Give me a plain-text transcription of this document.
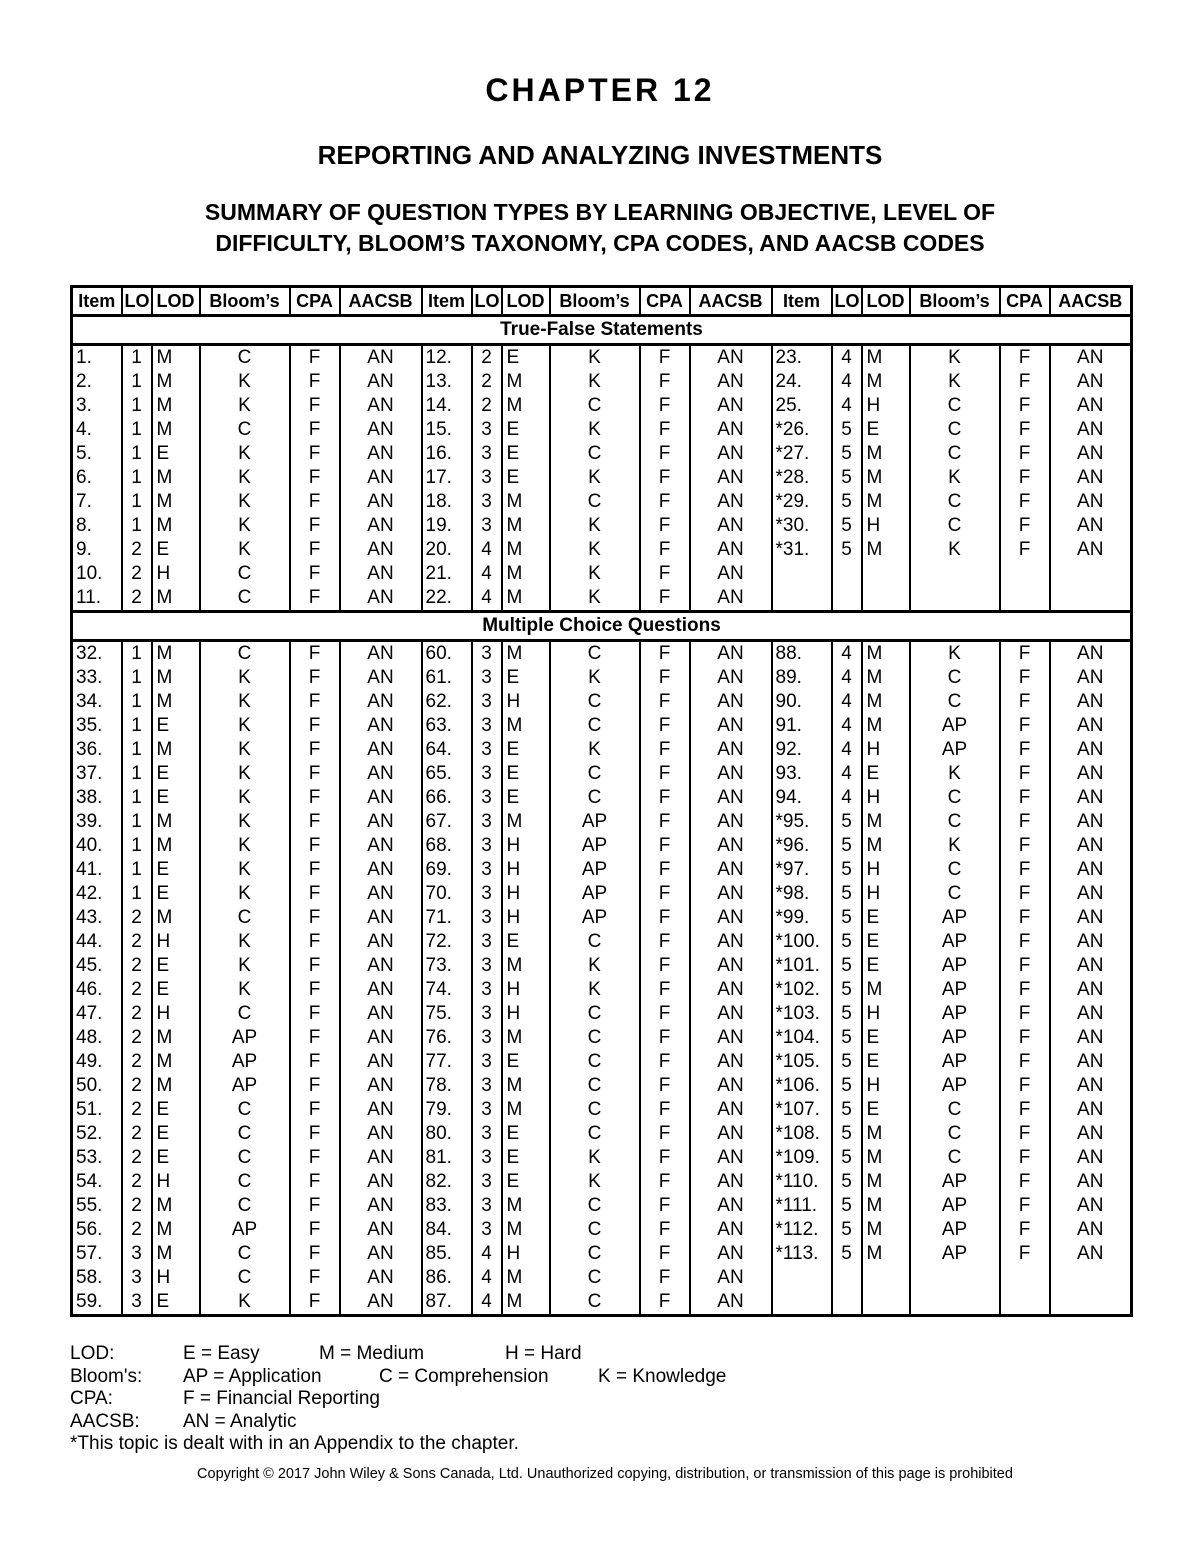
CHAPTER 12
REPORTING AND ANALYZING INVESTMENTS
SUMMARY OF QUESTION TYPES BY LEARNING OBJECTIVE, LEVEL OF
DIFFICULTY, BLOOM’S TAXONOMY, CPA CODES, AND AACSB CODES
Item	LO	LOD	Bloom’s	CPA	AACSB	Item	LO	LOD	Bloom’s	CPA	AACSB	Item	LO	LOD	Bloom’s	CPA	AACSB
True-False Statements																	
1.	1	M	C	F	AN	12.	2	E	K	F	AN	23.	4	M	K	F	AN
2.	1	M	K	F	AN	13.	2	M	K	F	AN	24.	4	M	K	F	AN
3.	1	M	K	F	AN	14.	2	M	C	F	AN	25.	4	H	C	F	AN
4.	1	M	C	F	AN	15.	3	E	K	F	AN	*26.	5	E	C	F	AN
5.	1	E	K	F	AN	16.	3	E	C	F	AN	*27.	5	M	C	F	AN
6.	1	M	K	F	AN	17.	3	E	K	F	AN	*28.	5	M	K	F	AN
7.	1	M	K	F	AN	18.	3	M	C	F	AN	*29.	5	M	C	F	AN
8.	1	M	K	F	AN	19.	3	M	K	F	AN	*30.	5	H	C	F	AN
9.	2	E	K	F	AN	20.	4	M	K	F	AN	*31.	5	M	K	F	AN
10.	2	H	C	F	AN	21.	4	M	K	F	AN						
11.	2	M	C	F	AN	22.	4	M	K	F	AN						
Multiple Choice Questions																	
32.	1	M	C	F	AN	60.	3	M	C	F	AN	88.	4	M	K	F	AN
33.	1	M	K	F	AN	61.	3	E	K	F	AN	89.	4	M	C	F	AN
34.	1	M	K	F	AN	62.	3	H	C	F	AN	90.	4	M	C	F	AN
35.	1	E	K	F	AN	63.	3	M	C	F	AN	91.	4	M	AP	F	AN
36.	1	M	K	F	AN	64.	3	E	K	F	AN	92.	4	H	AP	F	AN
37.	1	E	K	F	AN	65.	3	E	C	F	AN	93.	4	E	K	F	AN
38.	1	E	K	F	AN	66.	3	E	C	F	AN	94.	4	H	C	F	AN
39.	1	M	K	F	AN	67.	3	M	AP	F	AN	*95.	5	M	C	F	AN
40.	1	M	K	F	AN	68.	3	H	AP	F	AN	*96.	5	M	K	F	AN
41.	1	E	K	F	AN	69.	3	H	AP	F	AN	*97.	5	H	C	F	AN
42.	1	E	K	F	AN	70.	3	H	AP	F	AN	*98.	5	H	C	F	AN
43.	2	M	C	F	AN	71.	3	H	AP	F	AN	*99.	5	E	AP	F	AN
44.	2	H	K	F	AN	72.	3	E	C	F	AN	*100.	5	E	AP	F	AN
45.	2	E	K	F	AN	73.	3	M	K	F	AN	*101.	5	E	AP	F	AN
46.	2	E	K	F	AN	74.	3	H	K	F	AN	*102.	5	M	AP	F	AN
47.	2	H	C	F	AN	75.	3	H	C	F	AN	*103.	5	H	AP	F	AN
48.	2	M	AP	F	AN	76.	3	M	C	F	AN	*104.	5	E	AP	F	AN
49.	2	M	AP	F	AN	77.	3	E	C	F	AN	*105.	5	E	AP	F	AN
50.	2	M	AP	F	AN	78.	3	M	C	F	AN	*106.	5	H	AP	F	AN
51.	2	E	C	F	AN	79.	3	M	C	F	AN	*107.	5	E	C	F	AN
52.	2	E	C	F	AN	80.	3	E	C	F	AN	*108.	5	M	C	F	AN
53.	2	E	C	F	AN	81.	3	E	K	F	AN	*109.	5	M	C	F	AN
54.	2	H	C	F	AN	82.	3	E	K	F	AN	*110.	5	M	AP	F	AN
55.	2	M	C	F	AN	83.	3	M	C	F	AN	*111.	5	M	AP	F	AN
56.	2	M	AP	F	AN	84.	3	M	C	F	AN	*112.	5	M	AP	F	AN
57.	3	M	C	F	AN	85.	4	H	C	F	AN	*113.	5	M	AP	F	AN
58.	3	H	C	F	AN	86.	4	M	C	F	AN						
59.	3	E	K	F	AN	87.	4	M	C	F	AN						
LOD:	E = Easy	M = Medium	H = Hard
Bloom's: AP = Application	C = Comprehension	K = Knowledge
CPA:	F = Financial Reporting
AACSB: AN = Analytic
*This topic is dealt with in an Appendix to the chapter.
Copyright © 2017 John Wiley & Sons Canada, Ltd. Unauthorized copying, distribution, or transmission of this page is prohibited
